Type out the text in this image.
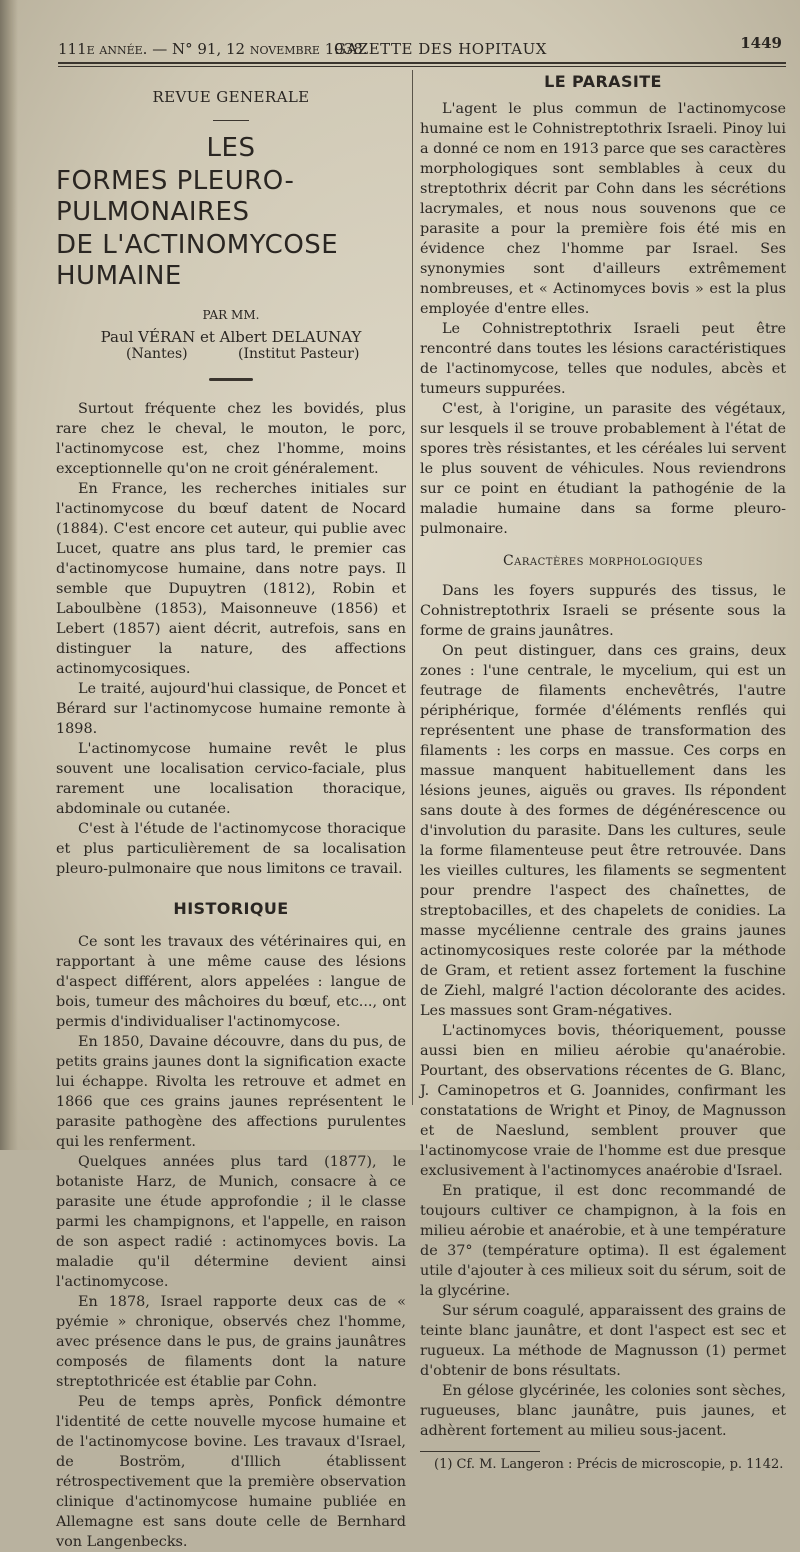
111e année. — N° 91, 12 novembre 1938.
GAZETTE DES HOPITAUX	1449
REVUE GENERALE
LES
FORMES PLEURO-PULMONAIRES
DE L'ACTINOMYCOSE HUMAINE
PAR MM.
Paul VÉRAN et Albert DELAUNAY
(Nantes)	(Institut Pasteur)

Surtout fréquente chez les bovidés, plus rare chez le cheval, le mouton, le porc, l'actinomycose est, chez l'homme, moins exceptionnelle qu'on ne croit généralement.

En France, les recherches initiales sur l'actinomycose du bœuf datent de Nocard (1884). C'est encore cet auteur, qui publie avec Lucet, quatre ans plus tard, le premier cas d'actinomycose humaine, dans notre pays. Il semble que Dupuytren (1812), Robin et Laboulbène (1853), Maisonneuve (1856) et Lebert (1857) aient décrit, autrefois, sans en distinguer la nature, des affections actinomycosiques.

Le traité, aujourd'hui classique, de Poncet et Bérard sur l'actinomycose humaine remonte à 1898.

L'actinomycose humaine revêt le plus souvent une localisation cervico-faciale, plus rarement une localisation thoracique, abdominale ou cutanée.

C'est à l'étude de l'actinomycose thoracique et plus particulièrement de sa localisation pleuro-pulmonaire que nous limitons ce travail.

HISTORIQUE

Ce sont les travaux des vétérinaires qui, en rapportant à une même cause des lésions d'aspect différent, alors appelées : langue de bois, tumeur des mâchoires du bœuf, etc..., ont permis d'individualiser l'actinomycose.

En 1850, Davaine découvre, dans du pus, de petits grains jaunes dont la signification exacte lui échappe. Rivolta les retrouve et admet en 1866 que ces grains jaunes représentent le parasite pathogène des affections purulentes qui les renferment.

Quelques années plus tard (1877), le botaniste Harz, de Munich, consacre à ce parasite une étude approfondie ; il le classe parmi les champignons, et l'appelle, en raison de son aspect radié : actinomyces bovis. La maladie qu'il détermine devient ainsi l'actinomycose.

En 1878, Israel rapporte deux cas de « pyémie » chronique, observés chez l'homme, avec présence dans le pus, de grains jaunâtres composés de filaments dont la nature streptothricée est établie par Cohn.

Peu de temps après, Ponfick démontre l'identité de cette nouvelle mycose humaine et de l'actinomycose bovine. Les travaux d'Israel, de Boström, d'Illich établissent rétrospectivement que la première observation clinique d'actinomycose humaine publiée en Allemagne est sans doute celle de Bernhard von Langenbecks.

LE PARASITE

L'agent le plus commun de l'actinomycose humaine est le Cohnistreptothrix Israeli. Pinoy lui a donné ce nom en 1913 parce que ses caractères morphologiques sont semblables à ceux du streptothrix décrit par Cohn dans les sécrétions lacrymales, et nous nous souvenons que ce parasite a pour la première fois été mis en évidence chez l'homme par Israel. Ses synonymies sont d'ailleurs extrêmement nombreuses, et « Actinomyces bovis » est la plus employée d'entre elles.

Le Cohnistreptothrix Israeli peut être rencontré dans toutes les lésions caractéristiques de l'actinomycose, telles que nodules, abcès et tumeurs suppurées.

C'est, à l'origine, un parasite des végétaux, sur lesquels il se trouve probablement à l'état de spores très résistantes, et les céréales lui servent le plus souvent de véhicules. Nous reviendrons sur ce point en étudiant la pathogénie de la maladie humaine dans sa forme pleuro-pulmonaire.

Caractères morphologiques

Dans les foyers suppurés des tissus, le Cohnistreptothrix Israeli se présente sous la forme de grains jaunâtres.

On peut distinguer, dans ces grains, deux zones : l'une centrale, le mycelium, qui est un feutrage de filaments enchevêtrés, l'autre périphérique, formée d'éléments renflés qui représentent une phase de transformation des filaments : les corps en massue. Ces corps en massue manquent habituellement dans les lésions jeunes, aiguës ou graves. Ils répondent sans doute à des formes de dégénérescence ou d'involution du parasite. Dans les cultures, seule la forme filamenteuse peut être retrouvée. Dans les vieilles cultures, les filaments se segmentent pour prendre l'aspect des chaînettes, de streptobacilles, et des chapelets de conidies. La masse mycélienne centrale des grains jaunes actinomycosiques reste colorée par la méthode de Gram, et retient assez fortement la fuschine de Ziehl, malgré l'action décolorante des acides. Les massues sont Gram-négatives.

L'actinomyces bovis, théoriquement, pousse aussi bien en milieu aérobie qu'anaérobie. Pourtant, des observations récentes de G. Blanc, J. Caminopetros et G. Joannides, confirmant les constatations de Wright et Pinoy, de Magnusson et de Naeslund, semblent prouver que l'actinomycose vraie de l'homme est due presque exclusivement à l'actinomyces anaérobie d'Israel.

En pratique, il est donc recommandé de toujours cultiver ce champignon, à la fois en milieu aérobie et anaérobie, et à une température de 37° (température optima). Il est également utile d'ajouter à ces milieux soit du sérum, soit de la glycérine.

Sur sérum coagulé, apparaissent des grains de teinte blanc jaunâtre, et dont l'aspect est sec et rugueux. La méthode de Magnusson (1) permet d'obtenir de bons résultats.

En gélose glycérinée, les colonies sont sèches, rugueuses, blanc jaunâtre, puis jaunes, et adhèrent fortement au milieu sous-jacent.

(1) Cf. M. Langeron : Précis de microscopie, p. 1142.
